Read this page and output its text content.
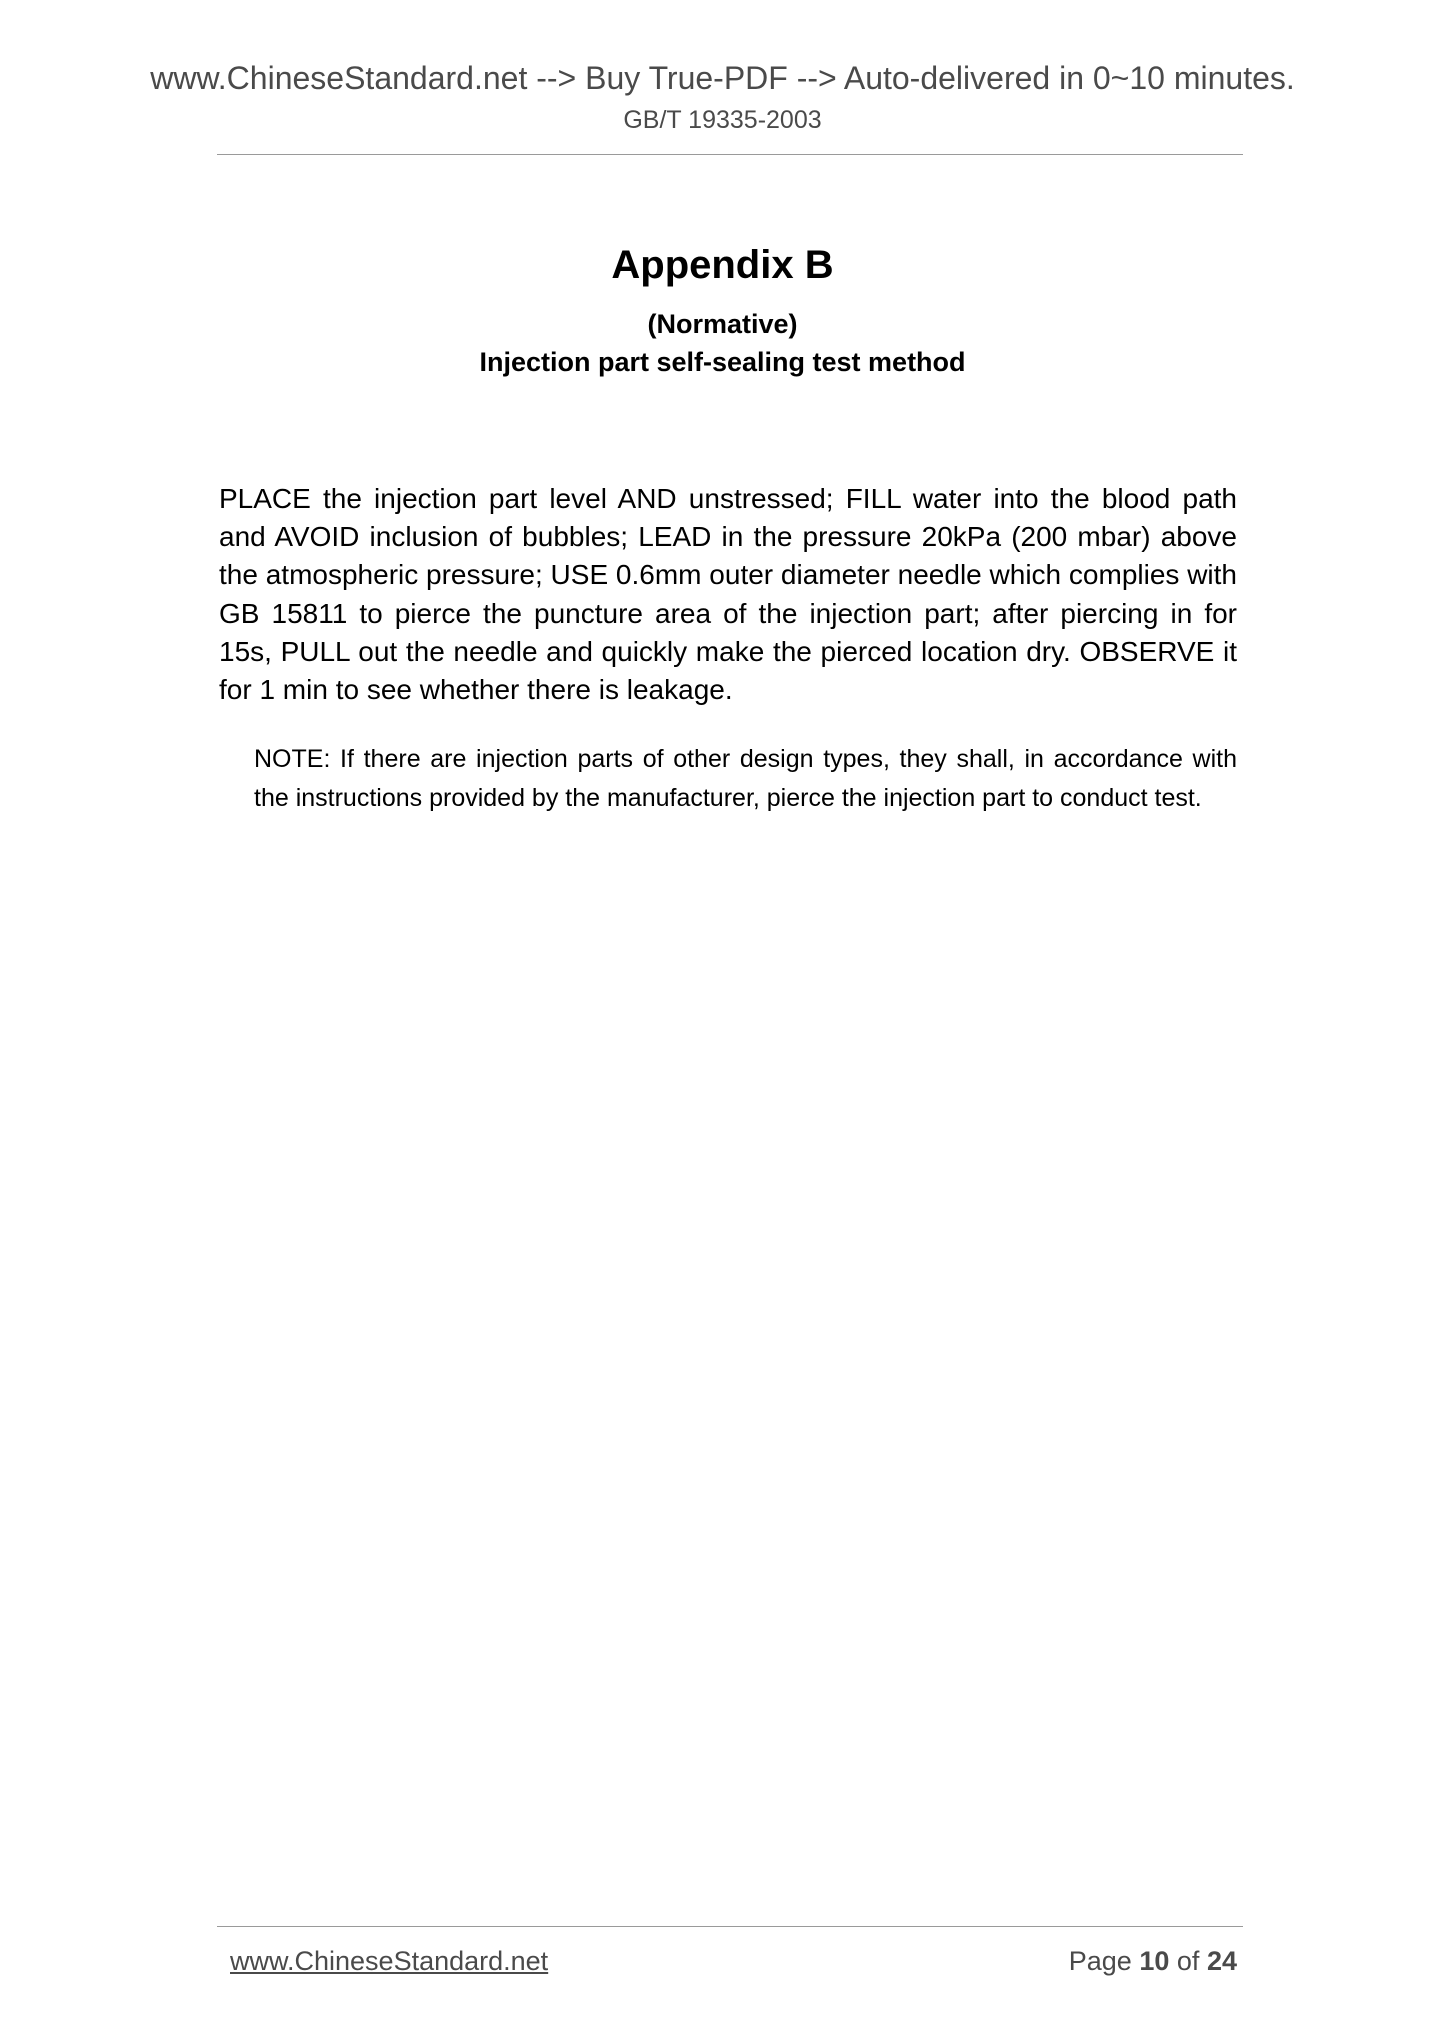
www.ChineseStandard.net --> Buy True-PDF --> Auto-delivered in 0~10 minutes.
GB/T 19335-2003
Appendix B
(Normative)
Injection part self-sealing test method

PLACE the injection part level AND unstressed; FILL water into the blood path and AVOID inclusion of bubbles; LEAD in the pressure 20kPa (200 mbar) above the atmospheric pressure; USE 0.6mm outer diameter needle which complies with GB 15811 to pierce the puncture area of the injection part; after piercing in for 15s, PULL out the needle and quickly make the pierced location dry. OBSERVE it for 1 min to see whether there is leakage.

NOTE: If there are injection parts of other design types, they shall, in accordance with the instructions provided by the manufacturer, pierce the injection part to conduct test.

www.ChineseStandard.net	Page 10 of 24
